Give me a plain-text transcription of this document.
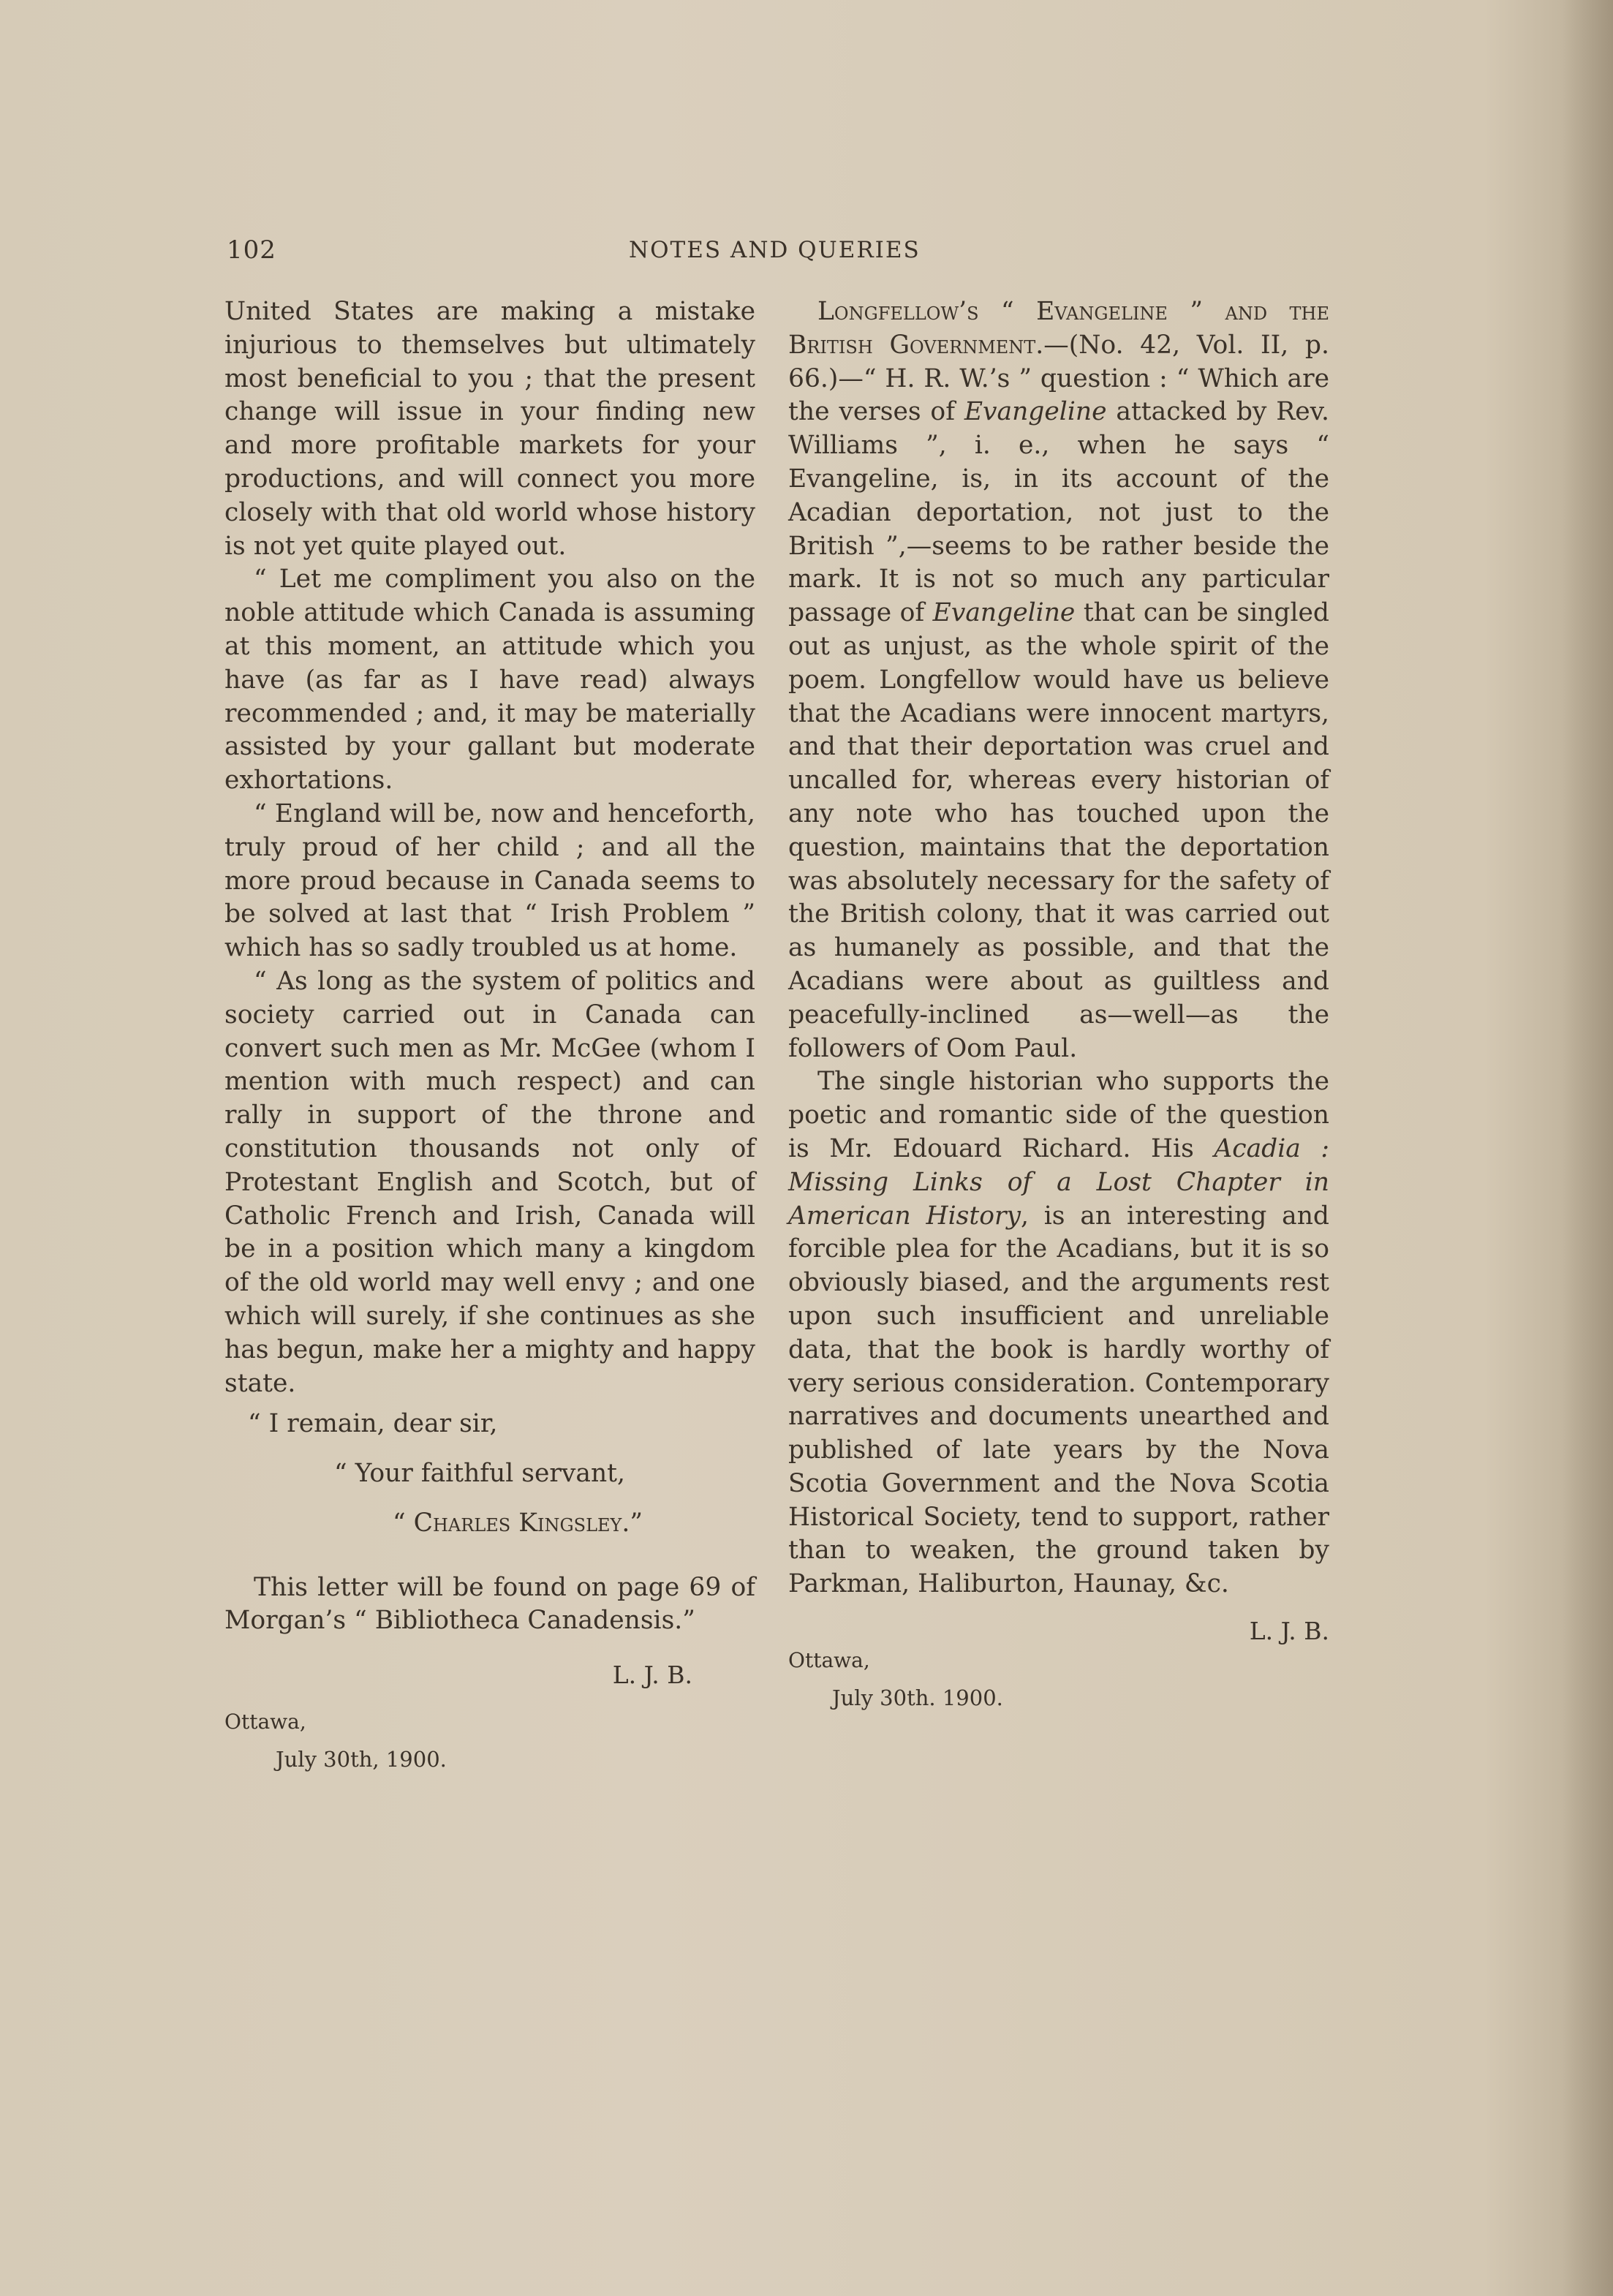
102	NOTES AND QUERIES

United States are making a mistake injurious to themselves but ultimately most beneficial to you ; that the present change will issue in your finding new and more profitable markets for your productions, and will connect you more closely with that old world whose history is not yet quite played out.

“ Let me compliment you also on the noble attitude which Canada is assuming at this moment, an attitude which you have (as far as I have read) always recommended ; and, it may be materially assisted by your gallant but moderate exhortations.

“ England will be, now and henceforth, truly proud of her child ; and all the more proud because in Canada seems to be solved at last that “ Irish Problem ” which has so sadly troubled us at home.

“ As long as the system of politics and society carried out in Canada can convert such men as Mr. McGee (whom I mention with much respect) and can rally in support of the throne and constitution thousands not only of Protestant English and Scotch, but of Catholic French and Irish, Canada will be in a position which many a kingdom of the old world may well envy ; and one which will surely, if she continues as she has begun, make her a mighty and happy state.

“ I remain, dear sir,

“ Your faithful servant,

“ Charles Kingsley.”

This letter will be found on page 69 of Morgan’s “ Bibliotheca Canadensis.”

L. J. B.

Ottawa,

July 30th, 1900.

Longfellow’s “ Evangeline ” and the British Government.—(No. 42, Vol. II, p. 66.)—“ H. R. W.’s ” question : “ Which are the verses of Evangeline attacked by Rev. Williams ”, i. e., when he says “ Evangeline, is, in its account of the Acadian deportation, not just to the British ”,—seems to be rather beside the mark. It is not so much any particular passage of Evangeline that can be singled out as unjust, as the whole spirit of the poem. Longfellow would have us believe that the Acadians were innocent martyrs, and that their deportation was cruel and uncalled for, whereas every historian of any note who has touched upon the question, maintains that the deportation was absolutely necessary for the safety of the British colony, that it was carried out as humanely as possible, and that the Acadians were about as guiltless and peacefully-inclined as—well—as the followers of Oom Paul.

The single historian who supports the poetic and romantic side of the question is Mr. Edouard Richard. His Acadia : Missing Links of a Lost Chapter in American History, is an interesting and forcible plea for the Acadians, but it is so obviously biased, and the arguments rest upon such insufficient and unreliable data, that the book is hardly worthy of very serious consideration. Contemporary narratives and documents unearthed and published of late years by the Nova Scotia Government and the Nova Scotia Historical Society, tend to support, rather than to weaken, the ground taken by Parkman, Haliburton, Haunay, &c.

L. J. B.

Ottawa,

July 30th. 1900.
